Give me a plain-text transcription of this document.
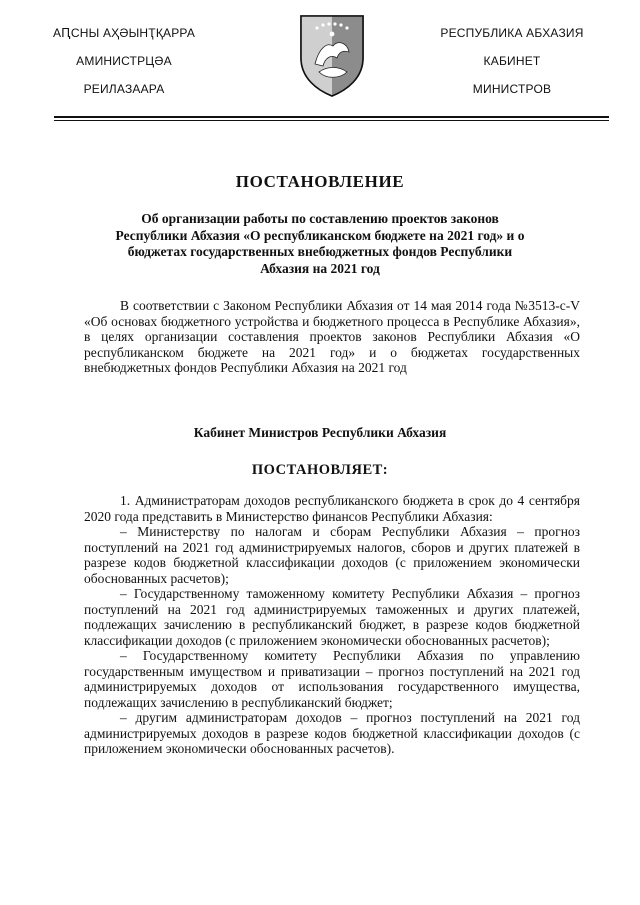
АԤСНЫ АҲӘЫНҬҚАРРА
АМИНИСТРЦӘА
РЕИЛАЗААРА
РЕСПУБЛИКА АБХАЗИЯ
КАБИНЕТ
МИНИСТРОВ
ПОСТАНОВЛЕНИЕ
Об организации работы по составлению проектов законов Республики Абхазия «О республиканском бюджете на 2021 год» и о бюджетах государственных внебюджетных фондов Республики Абхазия на 2021 год

В соответствии с Законом Республики Абхазия от 14 мая 2014 года №3513-с-V «Об основах бюджетного устройства и бюджетного процесса в Республике Абхазия», в целях организации составления проектов законов Республики Абхазия «О республиканском бюджете на 2021 год» и о бюджетах государственных внебюджетных фондов Республики Абхазия на 2021 год

Кабинет Министров Республики Абхазия
ПОСТАНОВЛЯЕТ:

1. Администраторам доходов республиканского бюджета в срок до 4 сентября 2020 года представить в Министерство финансов Республики Абхазия:

– Министерству по налогам и сборам Республики Абхазия – прогноз поступлений на 2021 год администрируемых налогов, сборов и других платежей в разрезе кодов бюджетной классификации доходов (с приложением экономически обоснованных расчетов);

– Государственному таможенному комитету Республики Абхазия – прогноз поступлений на 2021 год администрируемых таможенных и других платежей, подлежащих зачислению в республиканский бюджет, в разрезе кодов бюджетной классификации доходов (с приложением экономически обоснованных расчетов);

– Государственному комитету Республики Абхазия по управлению государственным имуществом и приватизации – прогноз поступлений на 2021 год администрируемых доходов от использования государственного имущества, подлежащих зачислению в республиканский бюджет;

– другим администраторам доходов – прогноз поступлений на 2021 год администрируемых доходов в разрезе кодов бюджетной классификации доходов (с приложением экономически обоснованных расчетов).
